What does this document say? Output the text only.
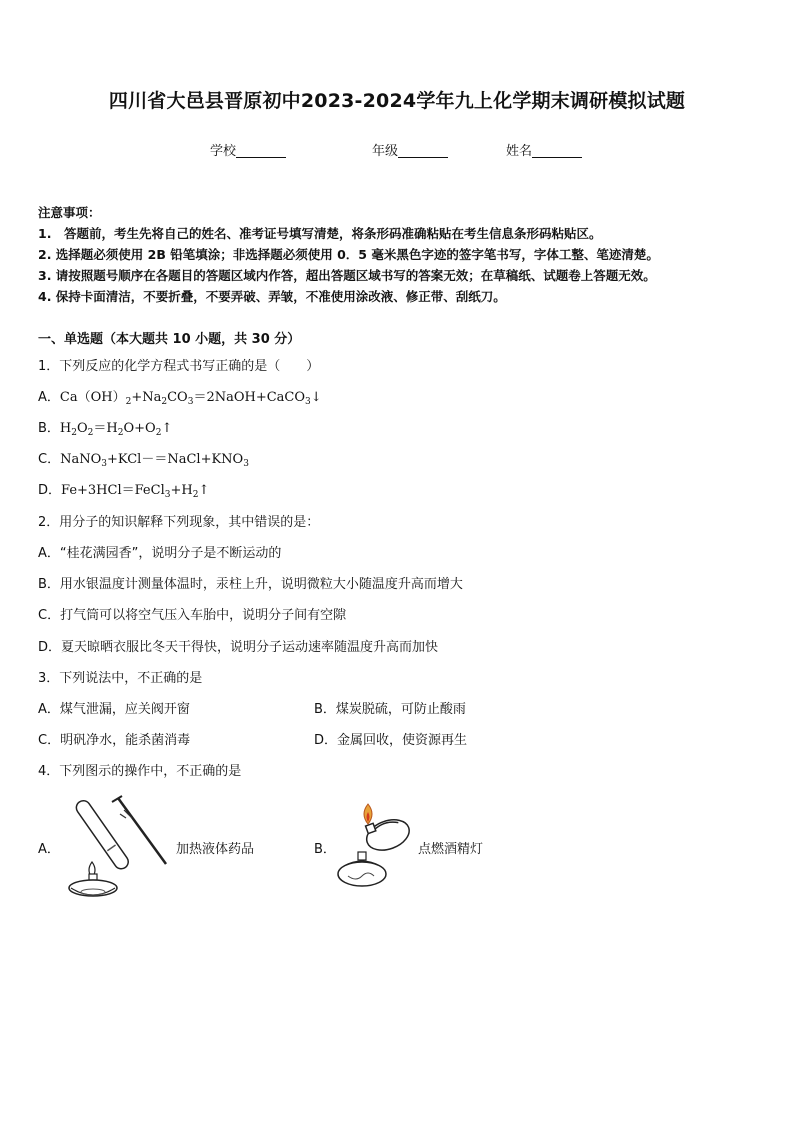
四川省大邑县晋原初中2023-2024学年九上化学期末调研模拟试题
学校	年级	姓名
注意事项：
1.　答题前，考生先将自己的姓名、准考证号填写清楚，将条形码准确粘贴在考生信息条形码粘贴区。
2. 选择题必须使用 2B 铅笔填涂；非选择题必须使用 0．5 毫米黑色字迹的签字笔书写，字体工整、笔迹清楚。
3. 请按照题号顺序在各题目的答题区域内作答，超出答题区域书写的答案无效；在草稿纸、试题卷上答题无效。
4. 保持卡面清洁，不要折叠，不要弄破、弄皱，不准使用涂改液、修正带、刮纸刀。
一、单选题（本大题共 10 小题，共 30 分）
1．下列反应的化学方程式书写正确的是（　　）
A．$Ca(OH)_2+Na_2CO_3=2NaOH+CaCO_3↓$
B．$H_2O_2=H_2O+O_2↑$
C．$NaNO_3+KCl-=NaCl+KNO_3$
D．$Fe+3HCl=FeCl_3+H_2↑$
2．用分子的知识解释下列现象，其中错误的是：
A．“桂花满园香”，说明分子是不断运动的
B．用水银温度计测量体温时，汞柱上升，说明微粒大小随温度升高而增大
C．打气筒可以将空气压入车胎中，说明分子间有空隙
D．夏天晾晒衣服比冬天干得快，说明分子运动速率随温度升高而加快
3．下列说法中，不正确的是
A．煤气泄漏，应关阀开窗	B．煤炭脱硫，可防止酸雨
C．明矾净水，能杀菌消毒	D．金属回收，使资源再生
4．下列图示的操作中，不正确的是
A．	加热液体药品	B．	点燃酒精灯
